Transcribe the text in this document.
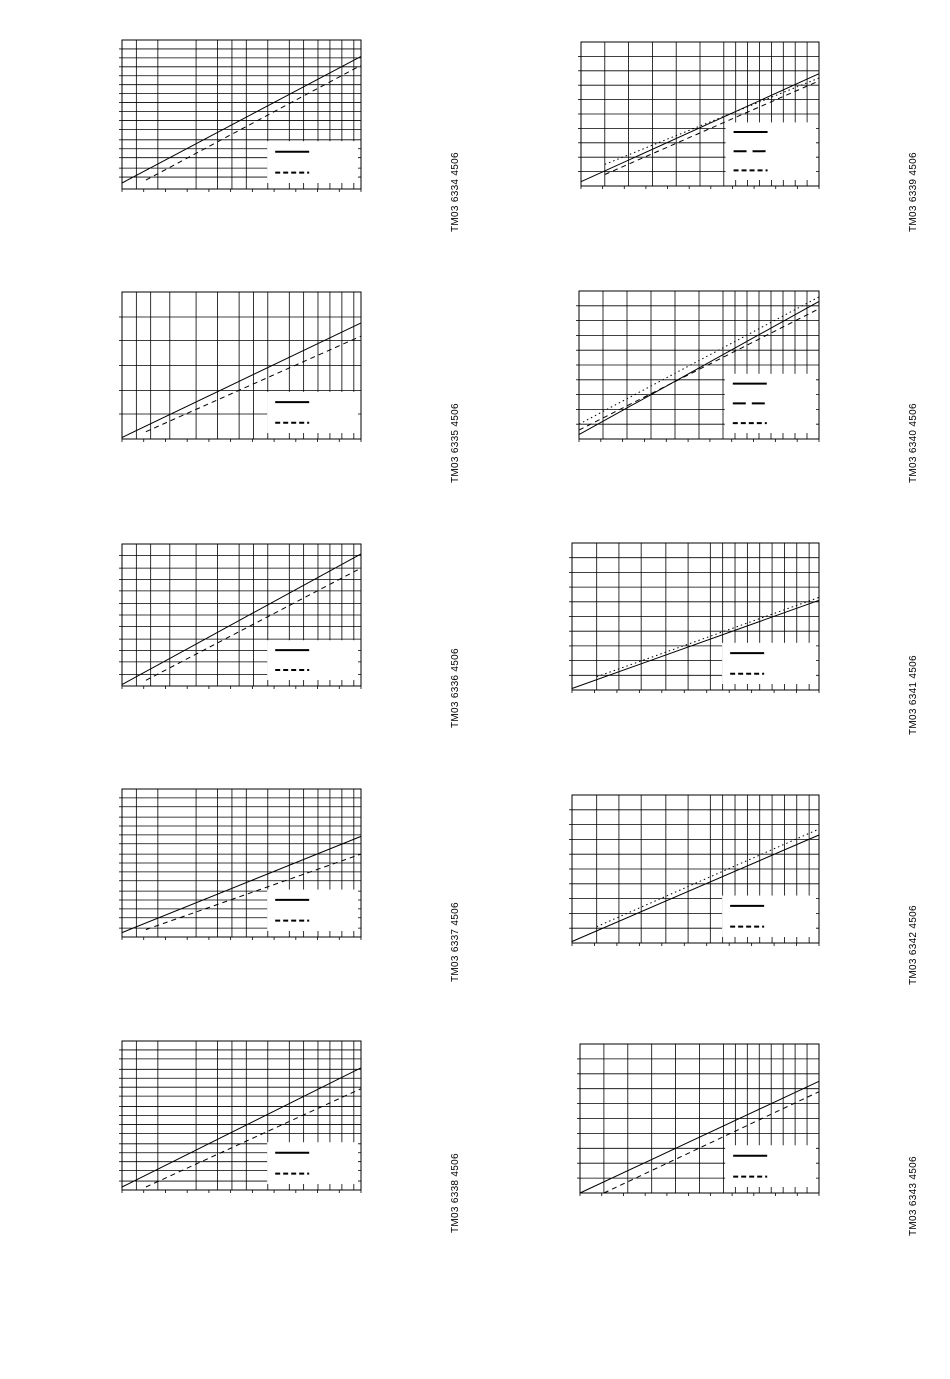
TM03 6334 4506
TM03 6335 4506
TM03 6336 4506
TM03 6337 4506
TM03 6338 4506
TM03 6339 4506
TM03 6340 4506
TM03 6341 4506
TM03 6342 4506
TM03 6343 4506
